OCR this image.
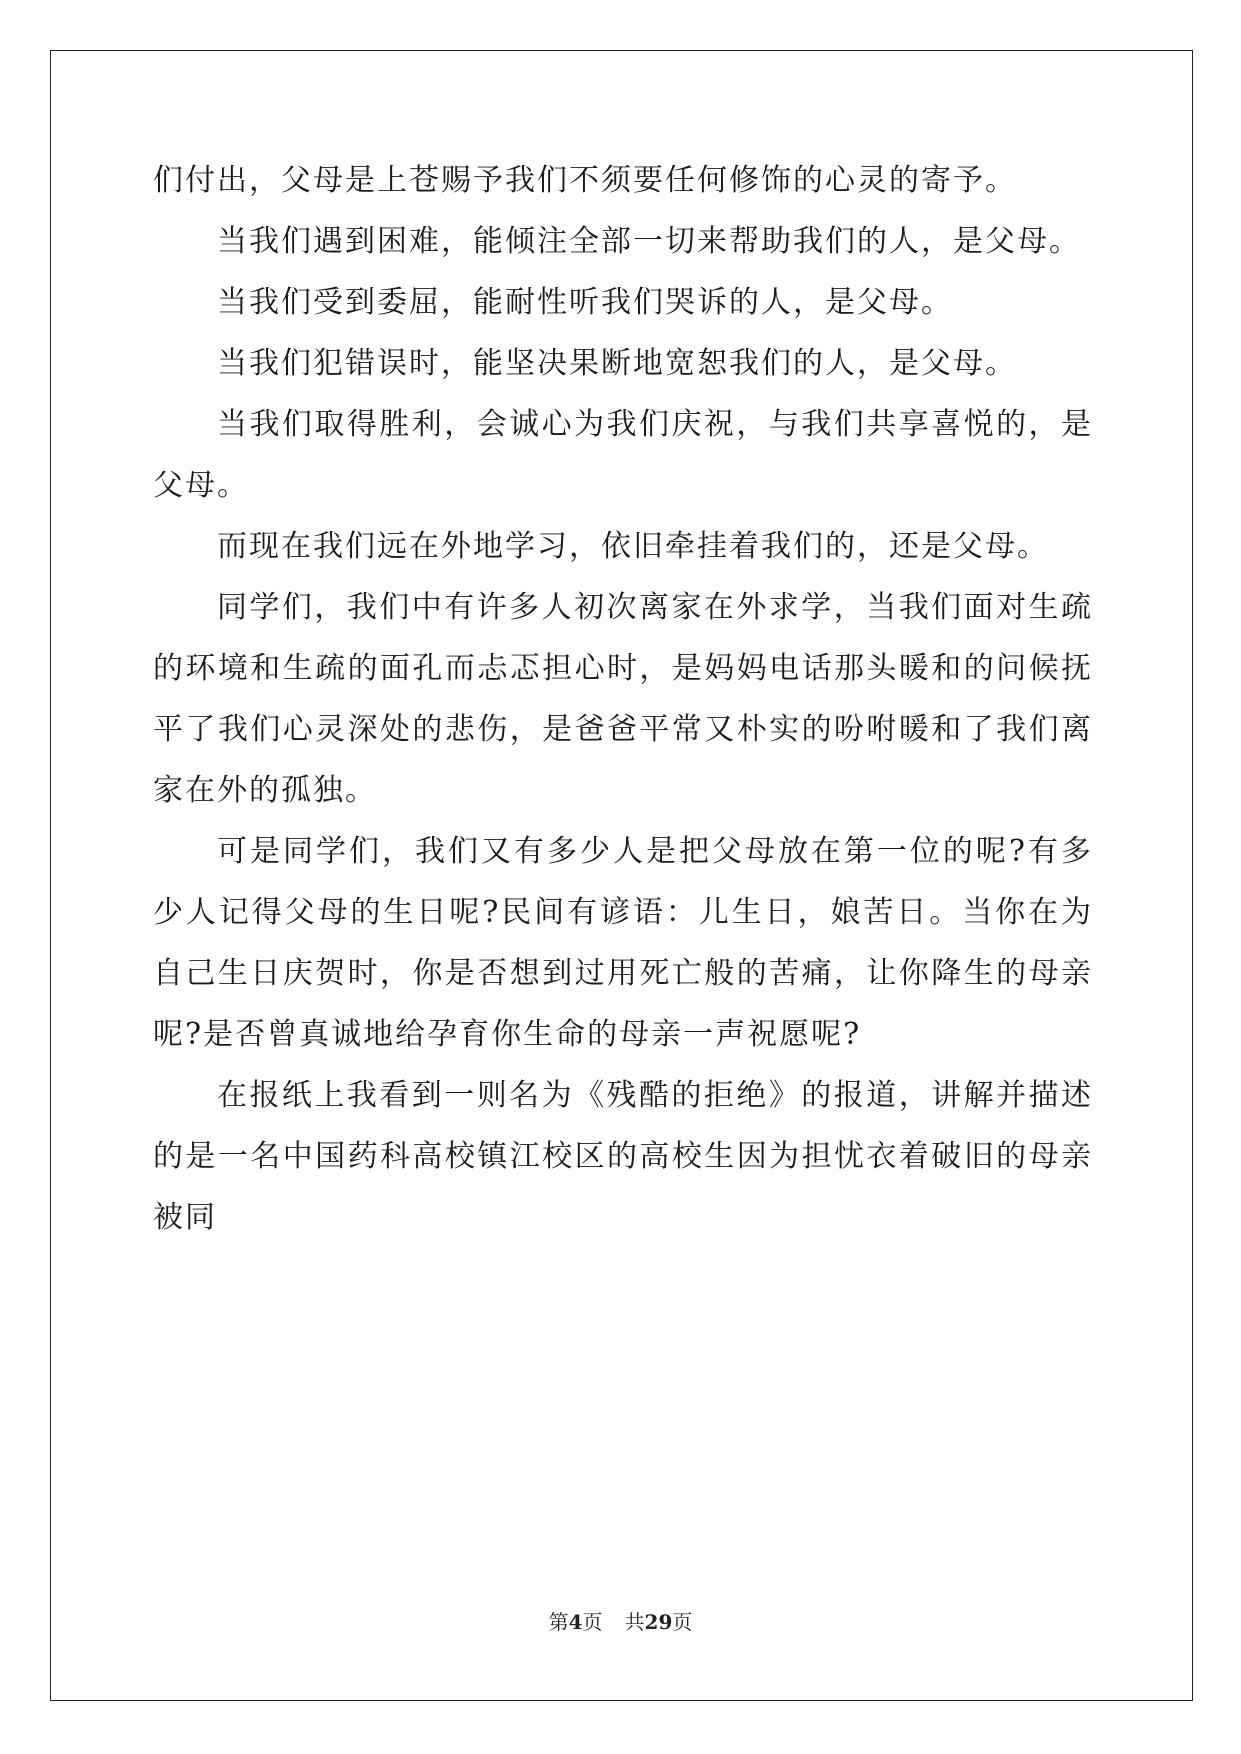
们付出，父母是上苍赐予我们不须要任何修饰的心灵的寄予。

当我们遇到困难，能倾注全部一切来帮助我们的人，是父母。

当我们受到委屈，能耐性听我们哭诉的人，是父母。

当我们犯错误时，能坚决果断地宽恕我们的人，是父母。

当我们取得胜利，会诚心为我们庆祝，与我们共享喜悦的，是父母。

而现在我们远在外地学习，依旧牵挂着我们的，还是父母。

同学们，我们中有许多人初次离家在外求学，当我们面对生疏的环境和生疏的面孔而忐忑担心时，是妈妈电话那头暖和的问候抚平了我们心灵深处的悲伤，是爸爸平常又朴实的吩咐暖和了我们离家在外的孤独。

可是同学们，我们又有多少人是把父母放在第一位的呢?有多少人记得父母的生日呢?民间有谚语：儿生日，娘苦日。当你在为自己生日庆贺时，你是否想到过用死亡般的苦痛，让你降生的母亲呢?是否曾真诚地给孕育你生命的母亲一声祝愿呢?

在报纸上我看到一则名为《残酷的拒绝》的报道，讲解并描述的是一名中国药科高校镇江校区的高校生因为担忧衣着破旧的母亲被同

第4页 共29页
